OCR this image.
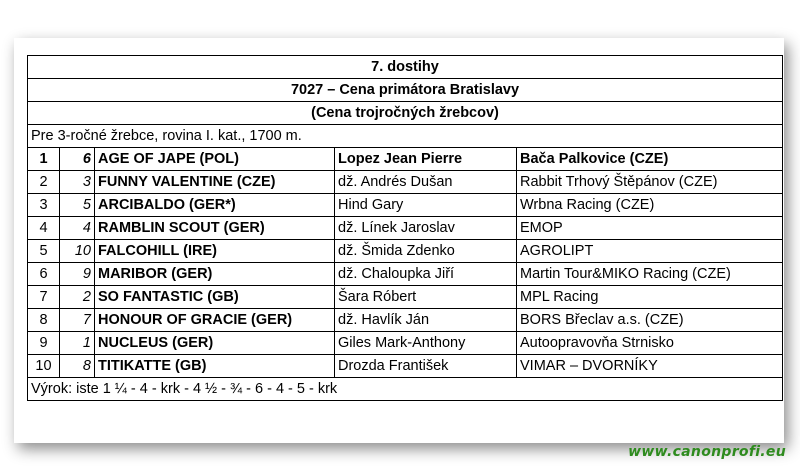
7. dostihy				
7027 – Cena primátora Bratislavy				
(Cena trojročných žrebcov)				
Pre 3-ročné žrebce, rovina I. kat., 1700 m.				
1	6	AGE OF JAPE (POL)	Lopez Jean Pierre	Bača Palkovice (CZE)
2	3	FUNNY VALENTINE (CZE)	dž. Andrés Dušan	Rabbit Trhový Štěpánov (CZE)
3	5	ARCIBALDO (GER*)	Hind Gary	Wrbna Racing (CZE)
4	4	RAMBLIN SCOUT (GER)	dž. Línek Jaroslav	EMOP
5	10	FALCOHILL (IRE)	dž. Šmida Zdenko	AGROLIPT
6	9	MARIBOR (GER)	dž. Chaloupka Jiří	Martin Tour&MIKO Racing (CZE)
7	2	SO FANTASTIC (GB)	Šara Róbert	MPL Racing
8	7	HONOUR OF GRACIE (GER)	dž. Havlík Ján	BORS Břeclav a.s. (CZE)
9	1	NUCLEUS (GER)	Giles Mark-Anthony	Autoopravovňa Strnisko
10	8	TITIKATTE (GB)	Drozda František	VIMAR – DVORNÍKY
Výrok: iste 1 ¼ - 4 - krk - 4 ½ - ¾ - 6 - 4 - 5 - krk				
www.canonprofi.eu
